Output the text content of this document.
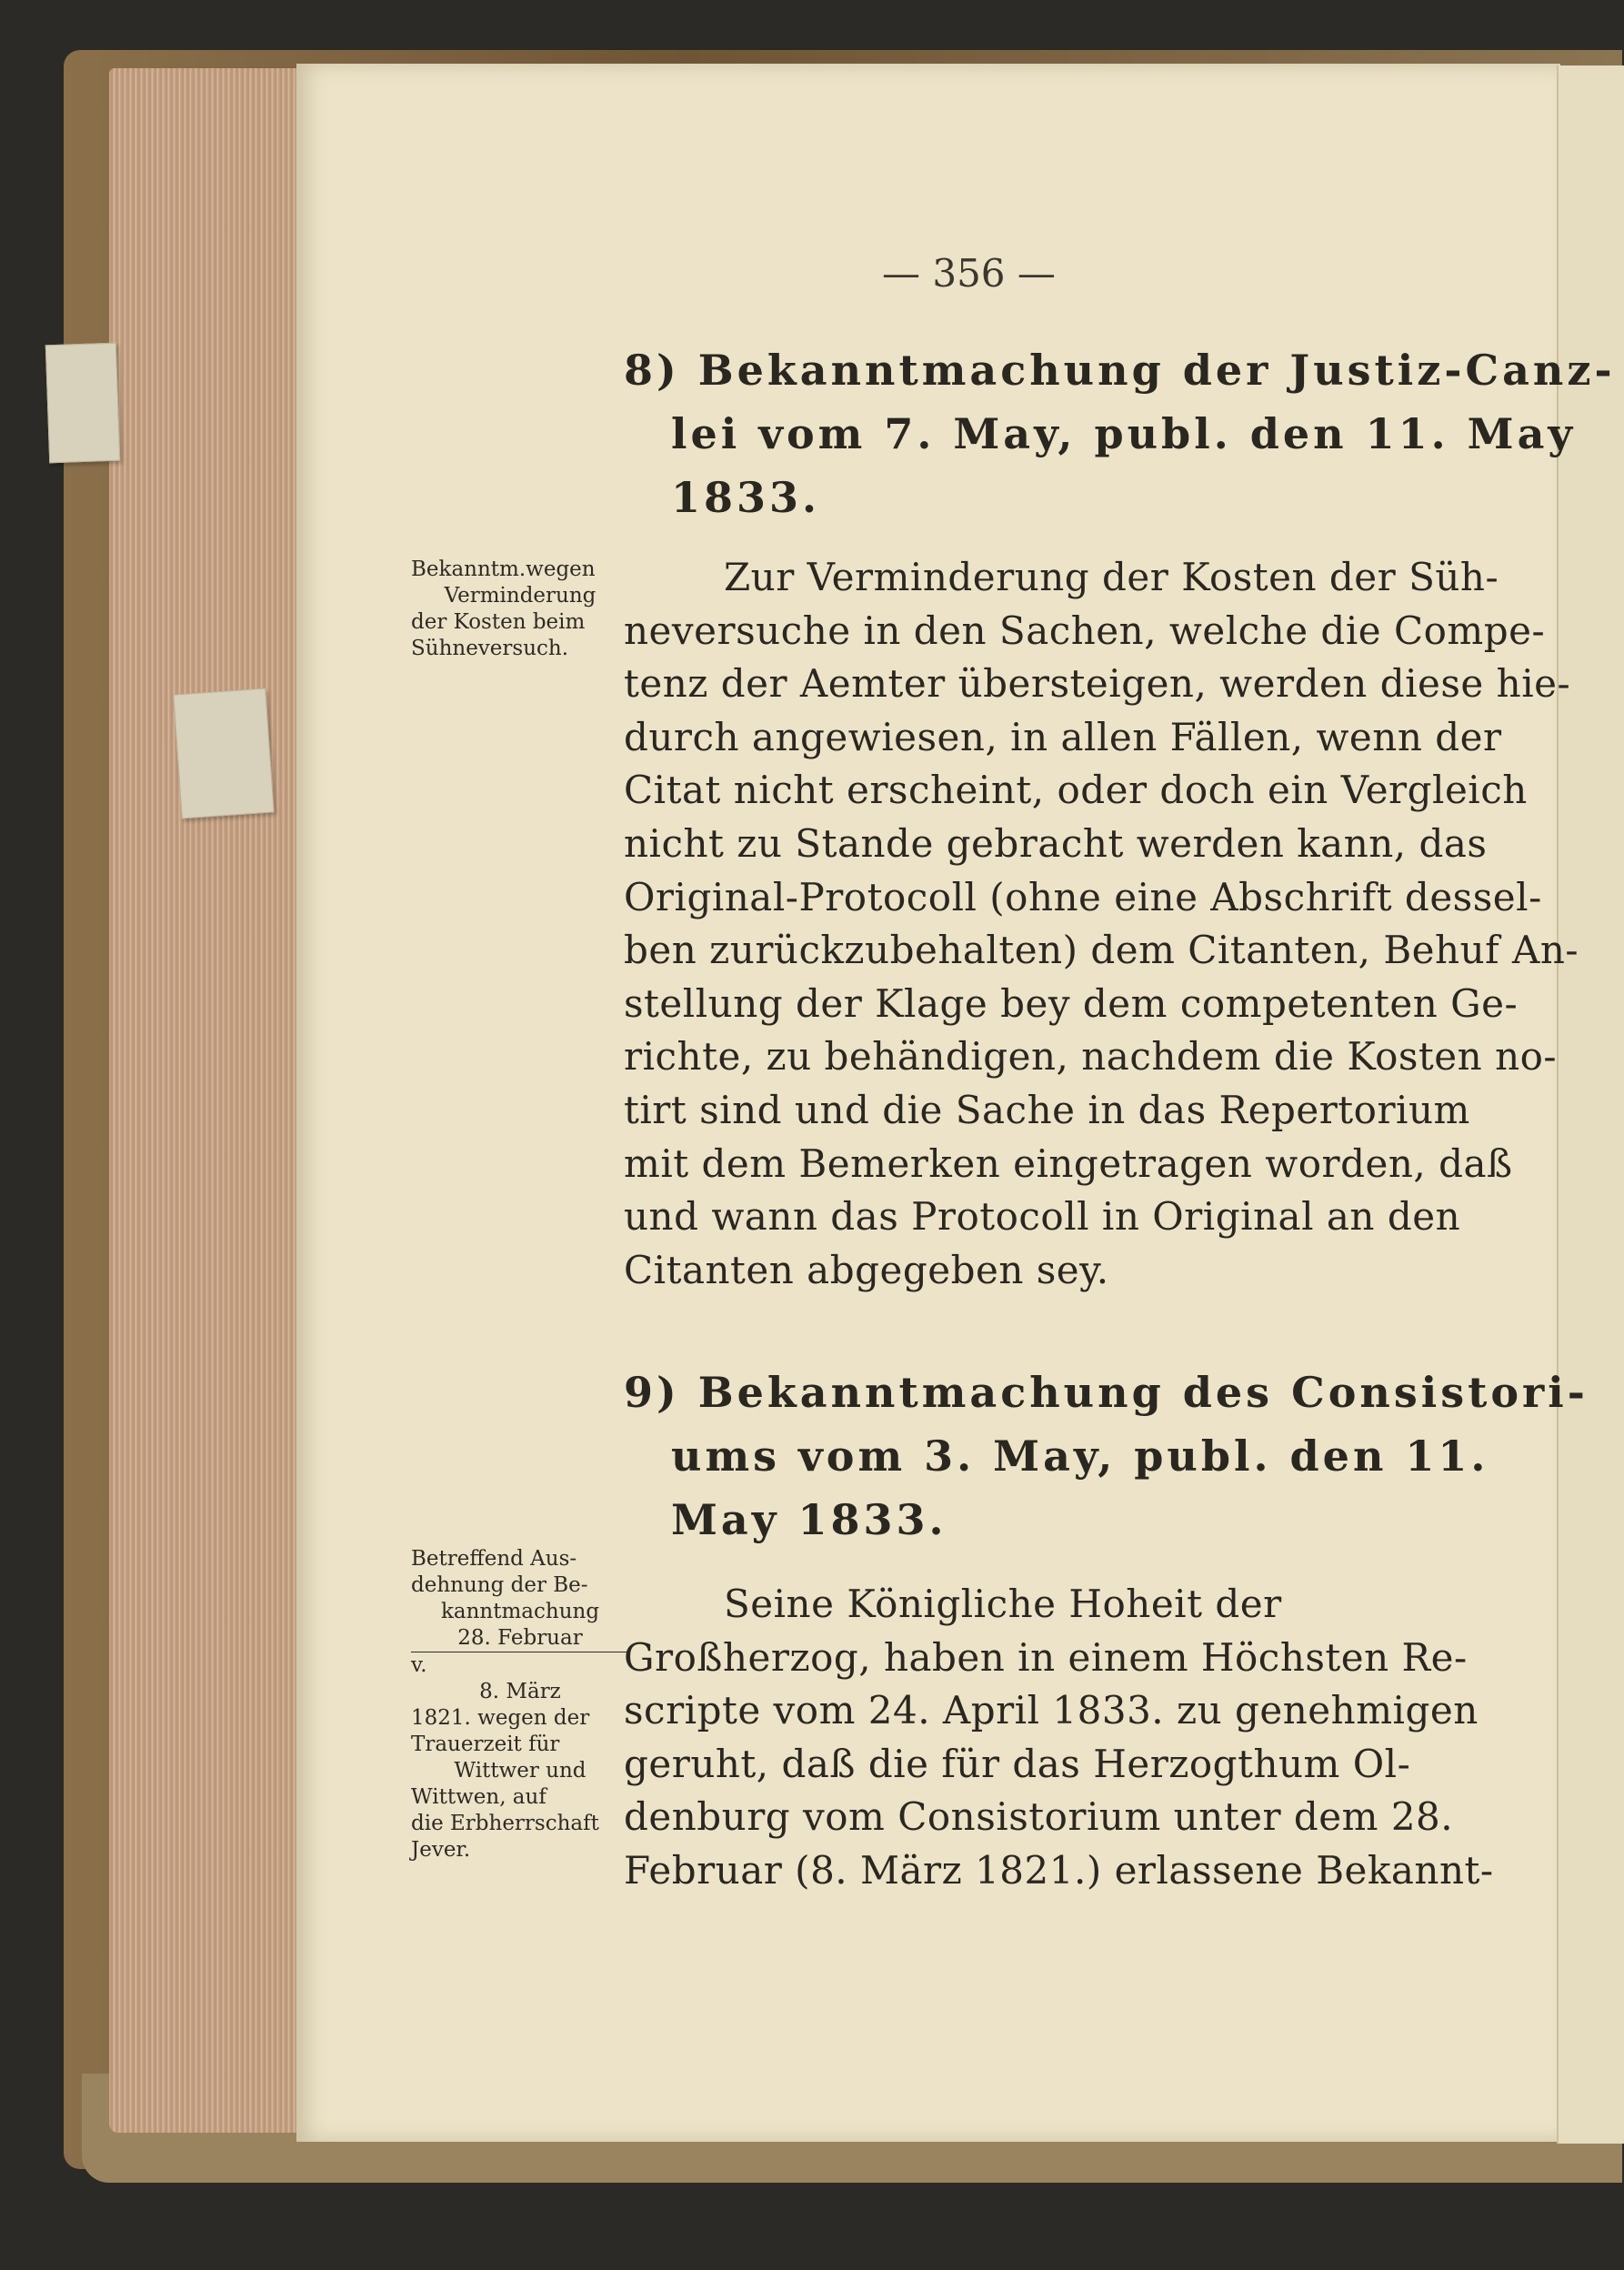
— 356 —
8) Bekanntmachung der Justiz-Canz-
lei vom 7. May, publ. den 11. May
1833.
Bekanntm.wegen
Verminderung
der Kosten beim
Sühneversuch.
Zur Verminderung der Kosten der Süh-
neversuche in den Sachen, welche die Compe-
tenz der Aemter übersteigen, werden diese hie-
durch angewiesen, in allen Fällen, wenn der
Citat nicht erscheint, oder doch ein Vergleich
nicht zu Stande gebracht werden kann, das
Original-Protocoll (ohne eine Abschrift dessel-
ben zurückzubehalten) dem Citanten, Behuf An-
stellung der Klage bey dem competenten Ge-
richte, zu behändigen, nachdem die Kosten no-
tirt sind und die Sache in das Repertorium
mit dem Bemerken eingetragen worden, daß
und wann das Protocoll in Original an den
Citanten abgegeben sey.
9) Bekanntmachung des Consistori-
ums vom 3. May, publ. den 11.
May 1833.
Betreffend Aus-
dehnung der Be-
kanntmachung
28. Februar
v.
8. März
1821. wegen der
Trauerzeit für
Wittwer und
Wittwen, auf
die Erbherrschaft
Jever.
Seine Königliche Hoheit der
Großherzog, haben in einem Höchsten Re-
scripte vom 24. April 1833. zu genehmigen
geruht, daß die für das Herzogthum Ol-
denburg vom Consistorium unter dem 28.
Februar (8. März 1821.) erlassene Bekannt-
